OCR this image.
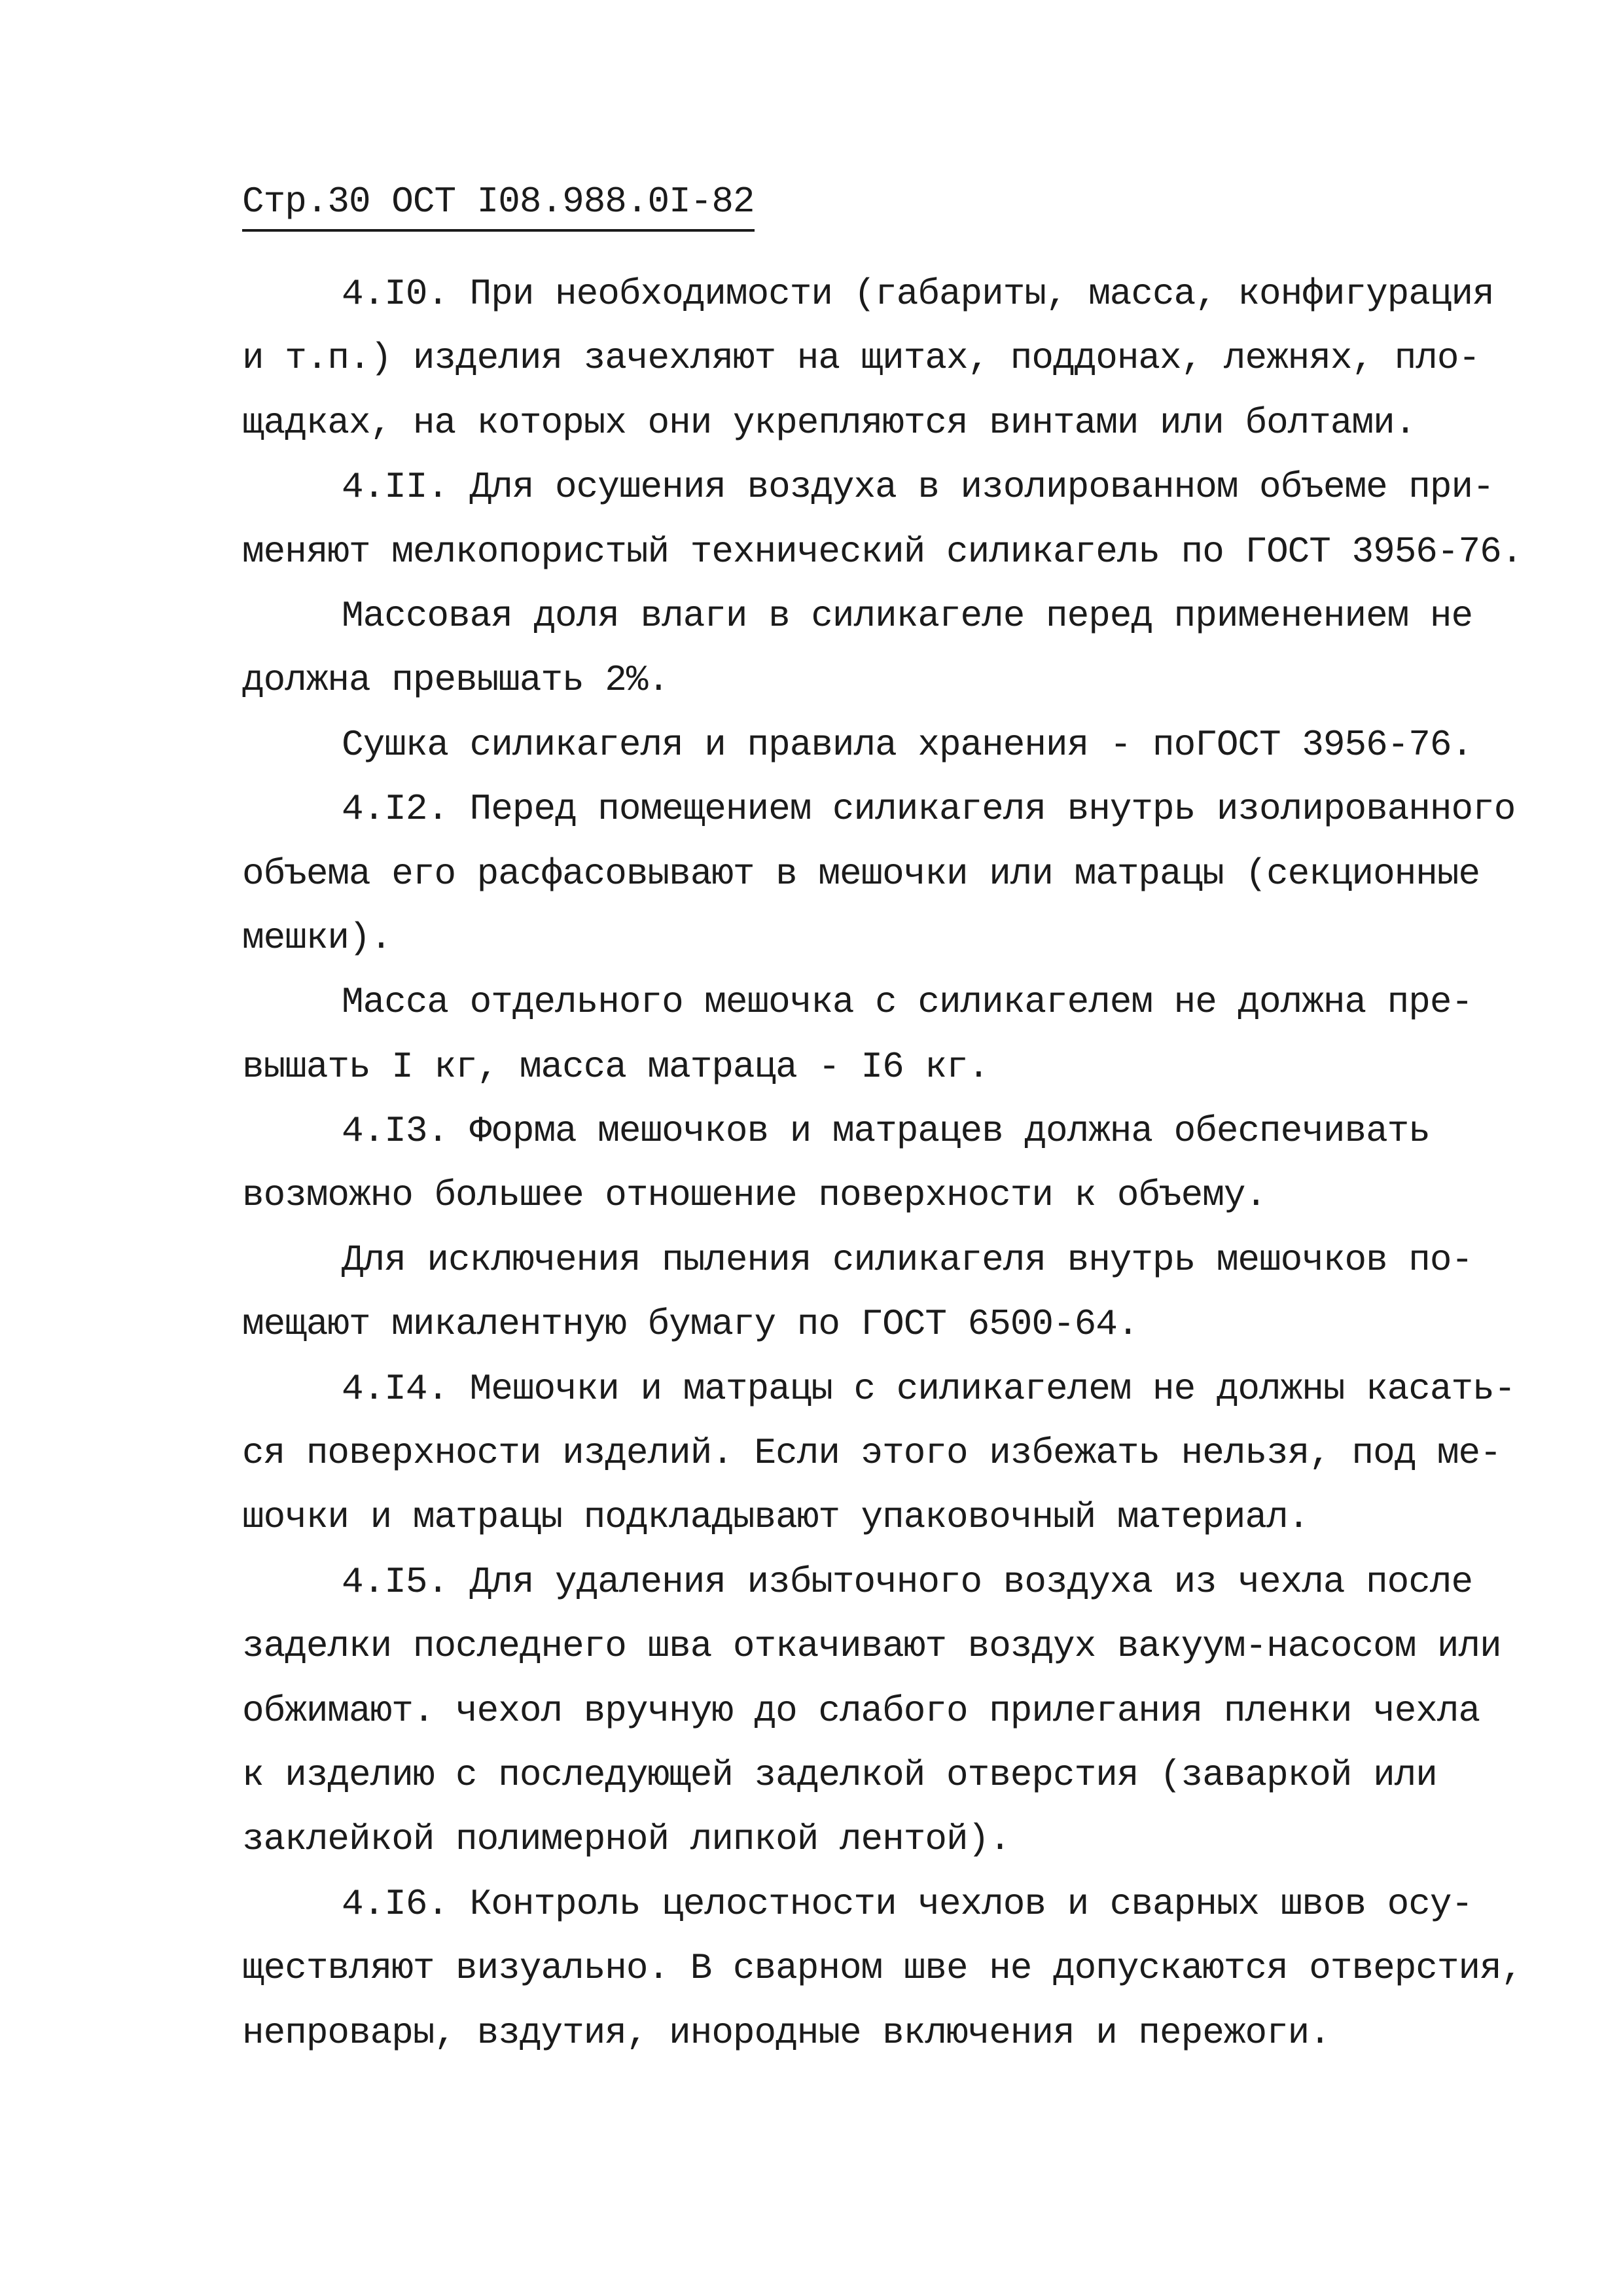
Стр.30 ОСТ I08.988.0I-82
4.I0. При необходимости (габариты, масса, конфигурация
и т.п.) изделия зачехляют на щитах, поддонах, лежнях, пло-
щадках, на которых они укрепляются винтами или болтами.
4.II. Для осушения воздуха в изолированном объеме при-
меняют мелкопористый технический силикагель по ГОСТ 3956-76.
Массовая доля влаги в силикагеле перед применением не
должна превышать 2%.
Сушка силикагеля и правила хранения - поГОСТ 3956-76.
4.I2. Перед помещением силикагеля внутрь изолированного
объема его расфасовывают в мешочки или матрацы (секционные
мешки).
Масса отдельного мешочка с силикагелем не должна пре-
вышать I кг, масса матраца - I6 кг.
4.I3. Форма мешочков и матрацев должна обеспечивать
возможно большее отношение поверхности к объему.
Для исключения пыления силикагеля внутрь мешочков по-
мещают микалентную бумагу по ГОСТ 6500-64.
4.I4. Мешочки и матрацы с силикагелем не должны касать-
ся поверхности изделий. Если этого избежать нельзя, под ме-
шочки и матрацы подкладывают упаковочный материал.
4.I5. Для удаления избыточного воздуха из чехла после
заделки последнего шва откачивают воздух вакуум-насосом или
обжимают. чехол вручную до слабого прилегания пленки чехла
к изделию с последующей заделкой отверстия (заваркой или
заклейкой полимерной липкой лентой).
4.I6. Контроль целостности чехлов и сварных швов осу-
ществляют визуально. В сварном шве не допускаются отверстия,
непровары, вздутия, инородные включения и пережоги.
